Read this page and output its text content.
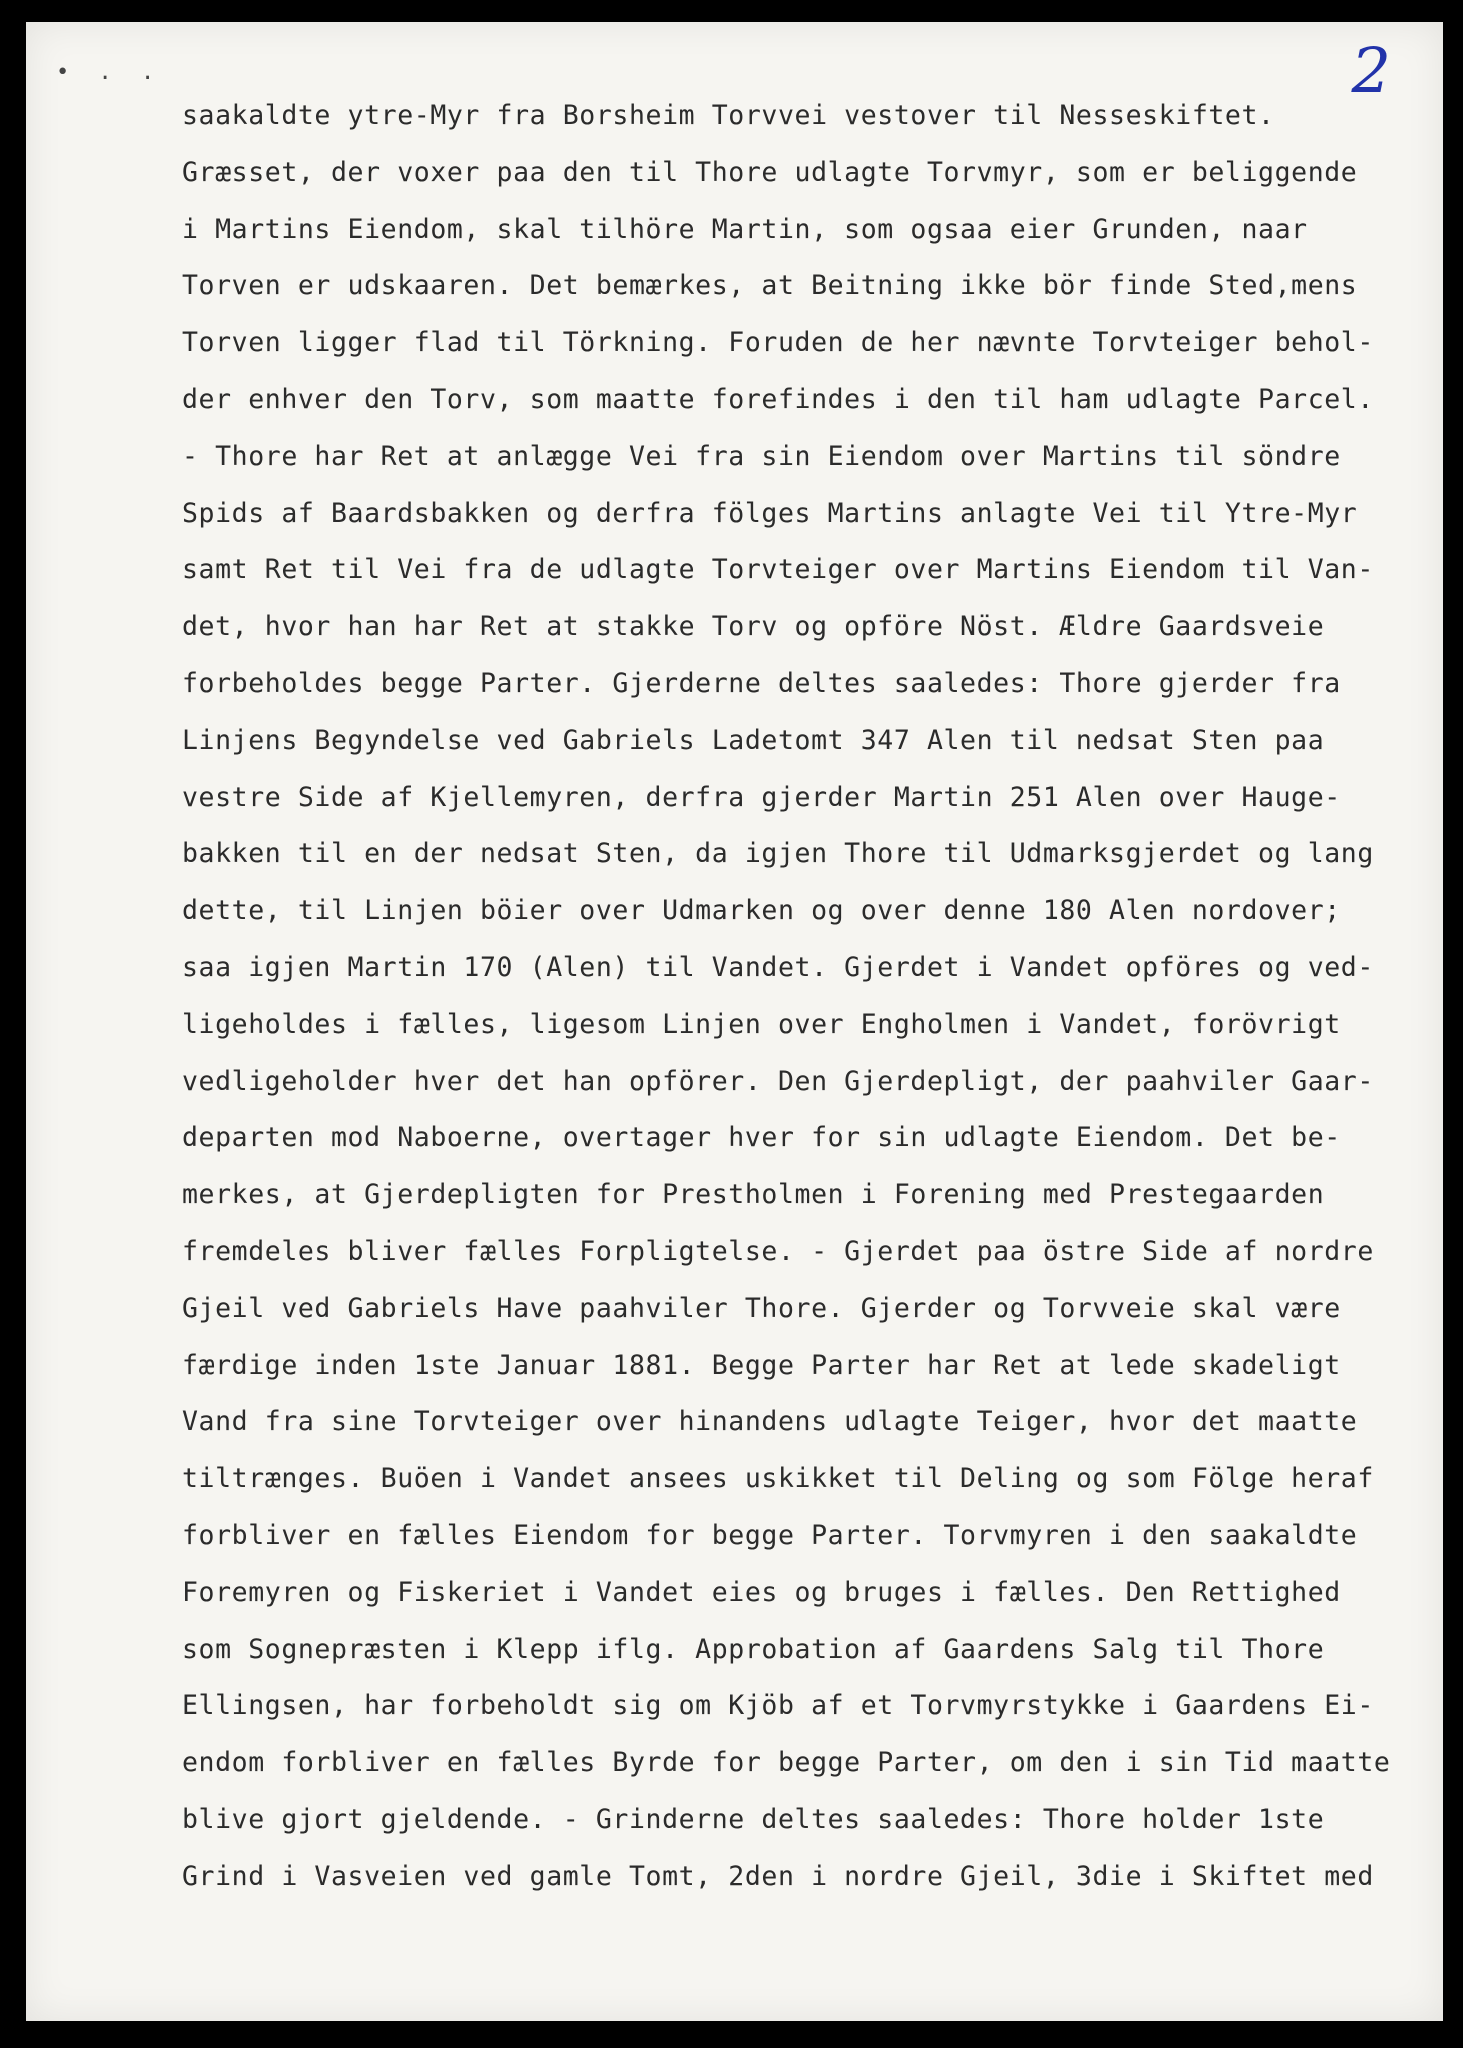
• . .	2
saakaldte ytre-Myr fra Borsheim Torvvei vestover til Nesseskiftet.
Græsset, der voxer paa den til Thore udlagte Torvmyr, som er beliggende
i Martins Eiendom, skal tilhöre Martin, som ogsaa eier Grunden, naar
Torven er udskaaren. Det bemærkes, at Beitning ikke bör finde Sted,mens
Torven ligger flad til Törkning. Foruden de her nævnte Torvteiger behol-
der enhver den Torv, som maatte forefindes i den til ham udlagte Parcel.
- Thore har Ret at anlægge Vei fra sin Eiendom over Martins til söndre
Spids af Baardsbakken og derfra fölges Martins anlagte Vei til Ytre-Myr
samt Ret til Vei fra de udlagte Torvteiger over Martins Eiendom til Van-
det, hvor han har Ret at stakke Torv og opföre Nöst. Ældre Gaardsveie
forbeholdes begge Parter. Gjerderne deltes saaledes: Thore gjerder fra
Linjens Begyndelse ved Gabriels Ladetomt 347 Alen til nedsat Sten paa
vestre Side af Kjellemyren, derfra gjerder Martin 251 Alen over Hauge-
bakken til en der nedsat Sten, da igjen Thore til Udmarksgjerdet og lang
dette, til Linjen böier over Udmarken og over denne 180 Alen nordover;
saa igjen Martin 170 (Alen) til Vandet. Gjerdet i Vandet opföres og ved-
ligeholdes i fælles, ligesom Linjen over Engholmen i Vandet, forövrigt
vedligeholder hver det han opförer. Den Gjerdepligt, der paahviler Gaar-
departen mod Naboerne, overtager hver for sin udlagte Eiendom. Det be-
merkes, at Gjerdepligten for Prestholmen i Forening med Prestegaarden
fremdeles bliver fælles Forpligtelse. - Gjerdet paa östre Side af nordre
Gjeil ved Gabriels Have paahviler Thore. Gjerder og Torvveie skal være
færdige inden 1ste Januar 1881. Begge Parter har Ret at lede skadeligt
Vand fra sine Torvteiger over hinandens udlagte Teiger, hvor det maatte
tiltrænges. Buöen i Vandet ansees uskikket til Deling og som Fölge heraf
forbliver en fælles Eiendom for begge Parter. Torvmyren i den saakaldte
Foremyren og Fiskeriet i Vandet eies og bruges i fælles. Den Rettighed
som Sognepræsten i Klepp iflg. Approbation af Gaardens Salg til Thore
Ellingsen, har forbeholdt sig om Kjöb af et Torvmyrstykke i Gaardens Ei-
endom forbliver en fælles Byrde for begge Parter, om den i sin Tid maatte
blive gjort gjeldende. - Grinderne deltes saaledes: Thore holder 1ste
Grind i Vasveien ved gamle Tomt, 2den i nordre Gjeil, 3die i Skiftet med
